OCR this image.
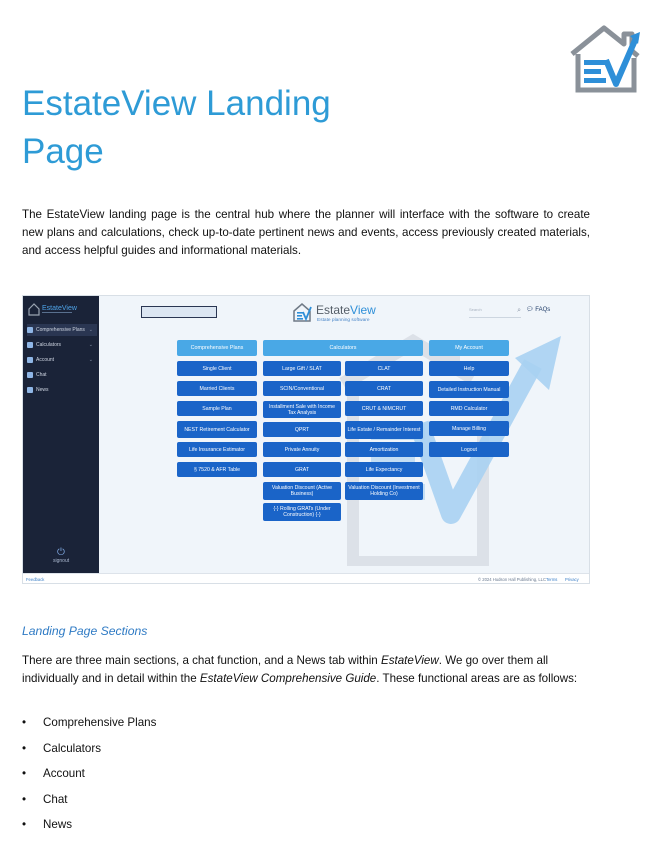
EstateView Landing
Page
The EstateView landing page is the central hub where the planner will interface with the software to create new plans and calculations, check up-to-date pertinent news and events, access previously created materials, and access helpful guides and informational materials.
EstateView
Comprehensive Plans ⌄
Calculators	⌄
Account	⌄
Chat
News
⏻
signout
EstateView
Estate planning software
Search	⌕ 💬︎ FAQs
Comprehensive Plans
Single Client
Married Clients
Sample Plan
NEST Retirement Calculator
Life Insurance Estimator
§ 7520 & AFR Table
Calculators
Large Gift / SLAT
SCIN/Conventional
Installment Sale with Income Tax Analysis
QPRT
Private Annuity
GRAT
Valuation Discount (Active Business)
{-} Rolling GRATs (Under Construction) {-}
CLAT
CRAT
CRUT & NIMCRUT
Life Estate / Remainder Interest
Amortization
Life Expectancy
Valuation Discount (Investment Holding Co)
My Account
Help
Detailed Instruction Manual
RMD Calculator
Manage Billing
Logout
Feedback	© 2024 Hudson Hall Publishing, LLC Terms Privacy
Landing Page Sections
There are three main sections, a chat function, and a News tab within EstateView. We go over them all individually and in detail within the EstateView Comprehensive Guide. These functional areas are as follows:
• Comprehensive Plans
• Calculators
• Account
• Chat
• News
